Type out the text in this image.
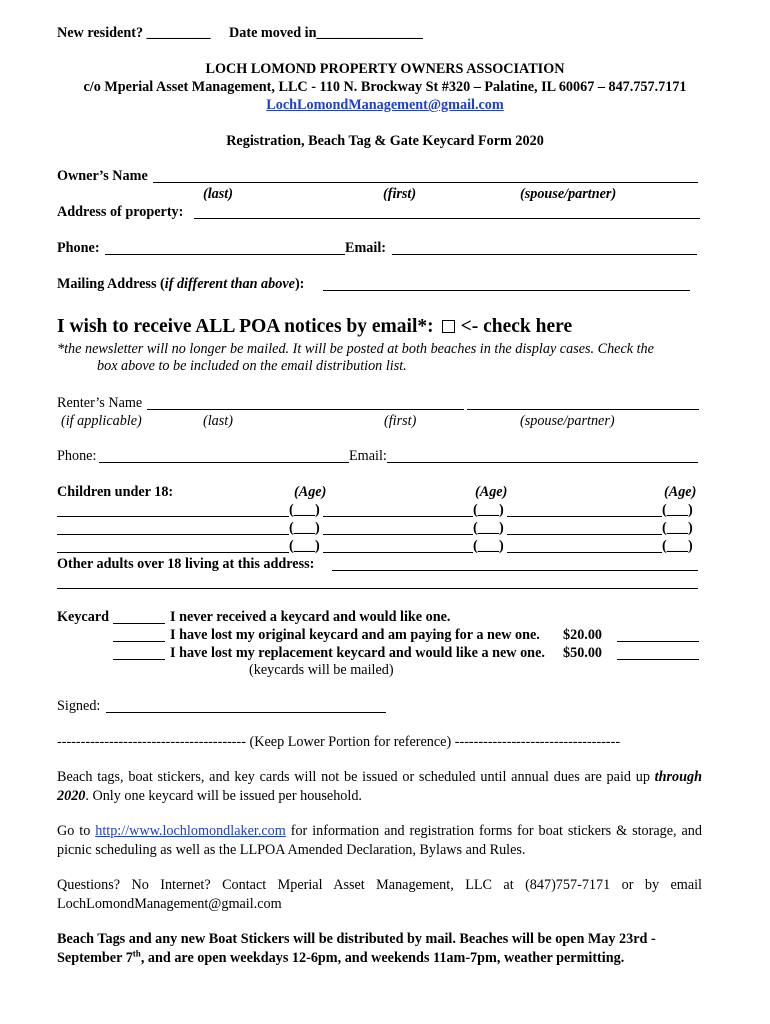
New resident? _________ Date moved in_______________
LOCH LOMOND PROPERTY OWNERS ASSOCIATION
c/o Mperial Asset Management, LLC - 110 N. Brockway St #320 – Palatine, IL 60067 – 847.757.7171
LochLomondManagement@gmail.com
Registration, Beach Tag & Gate Keycard Form 2020
Owner’s Name
(last)	(first)	(spouse/partner)
Address of property:
Phone:	Email:
Mailing Address (if different than above):
I wish to receive ALL POA notices by email*: <- check here
*the newsletter will no longer be mailed. It will be posted at both beaches in the display cases. Check the
box above to be included on the email distribution list.
Renter’s Name
(if applicable)	(last)	(first)	(spouse/partner)
Phone:	Email:
Children under 18:	(Age)	(Age)	(Age)
(___)	(___)	(___)
(___)	(___)	(___)
(___)	(___)	(___)
Other adults over 18 living at this address:
Keycard	I never received a keycard and would like one.
I have lost my original keycard and am paying for a new one. $20.00
I have lost my replacement keycard and would like a new one. $50.00
(keycards will be mailed)
Signed:
---------------------------------------- (Keep Lower Portion for reference) -----------------------------------
Beach tags, boat stickers, and key cards will not be issued or scheduled until annual dues are paid up through 2020. Only one keycard will be issued per household.
Go to http://www.lochlomondlaker.com for information and registration forms for boat stickers & storage, and picnic scheduling as well as the LLPOA Amended Declaration, Bylaws and Rules.
Questions? No Internet? Contact Mperial Asset Management, LLC at (847)757-7171 or by email LochLomondManagement@gmail.com
Beach Tags and any new Boat Stickers will be distributed by mail. Beaches will be open May 23rd - September 7th, and are open weekdays 12-6pm, and weekends 11am-7pm, weather permitting.
